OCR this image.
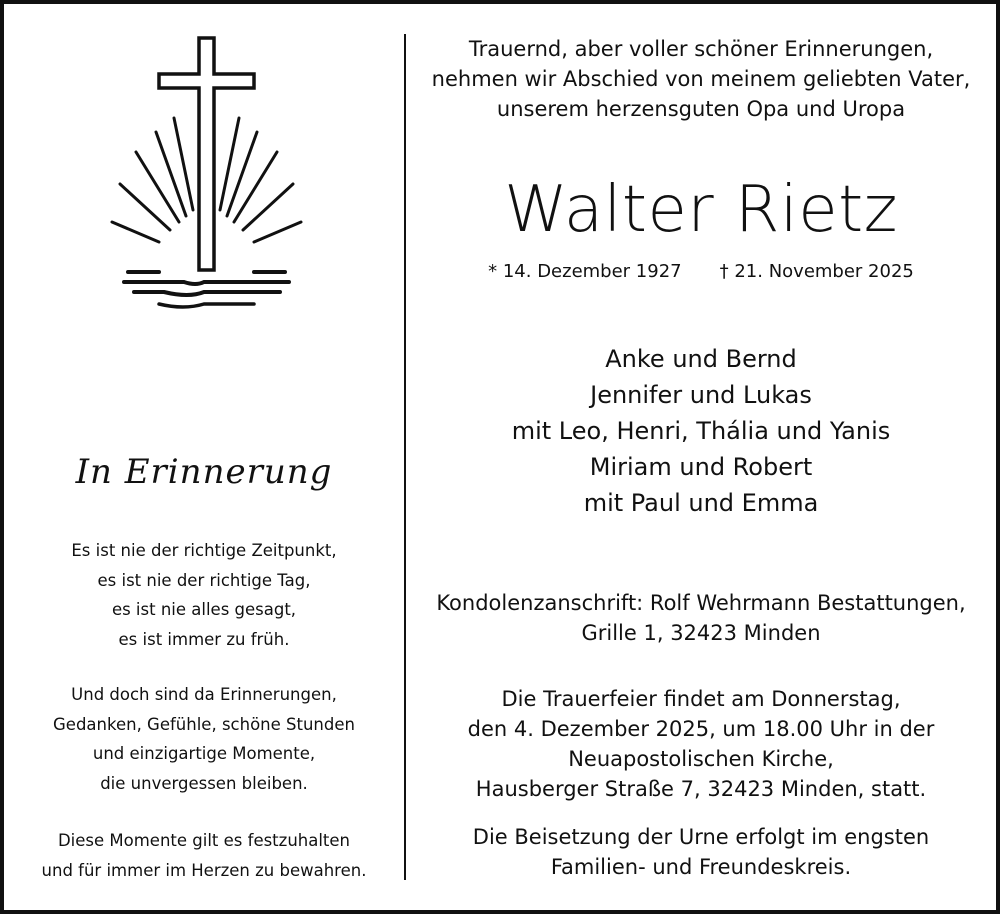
In Erinnerung
Es ist nie der richtige Zeitpunkt,
es ist nie der richtige Tag,
es ist nie alles gesagt,
es ist immer zu früh.
Und doch sind da Erinnerungen,
Gedanken, Gefühle, schöne Stunden
und einzigartige Momente,
die unvergessen bleiben.
Diese Momente gilt es festzuhalten
und für immer im Herzen zu bewahren.
Trauernd, aber voller schöner Erinnerungen,
nehmen wir Abschied von meinem geliebten Vater,
unserem herzensguten Opa und Uropa
Walter Rietz
* 14. Dezember 1927 † 21. November 2025
Anke und Bernd
Jennifer und Lukas
mit Leo, Henri, Thália und Yanis
Miriam und Robert
mit Paul und Emma
Kondolenzanschrift: Rolf Wehrmann Bestattungen,
Grille 1, 32423 Minden
Die Trauerfeier findet am Donnerstag,
den 4. Dezember 2025, um 18.00 Uhr in der
Neuapostolischen Kirche,
Hausberger Straße 7, 32423 Minden, statt.
Die Beisetzung der Urne erfolgt im engsten
Familien- und Freundeskreis.
